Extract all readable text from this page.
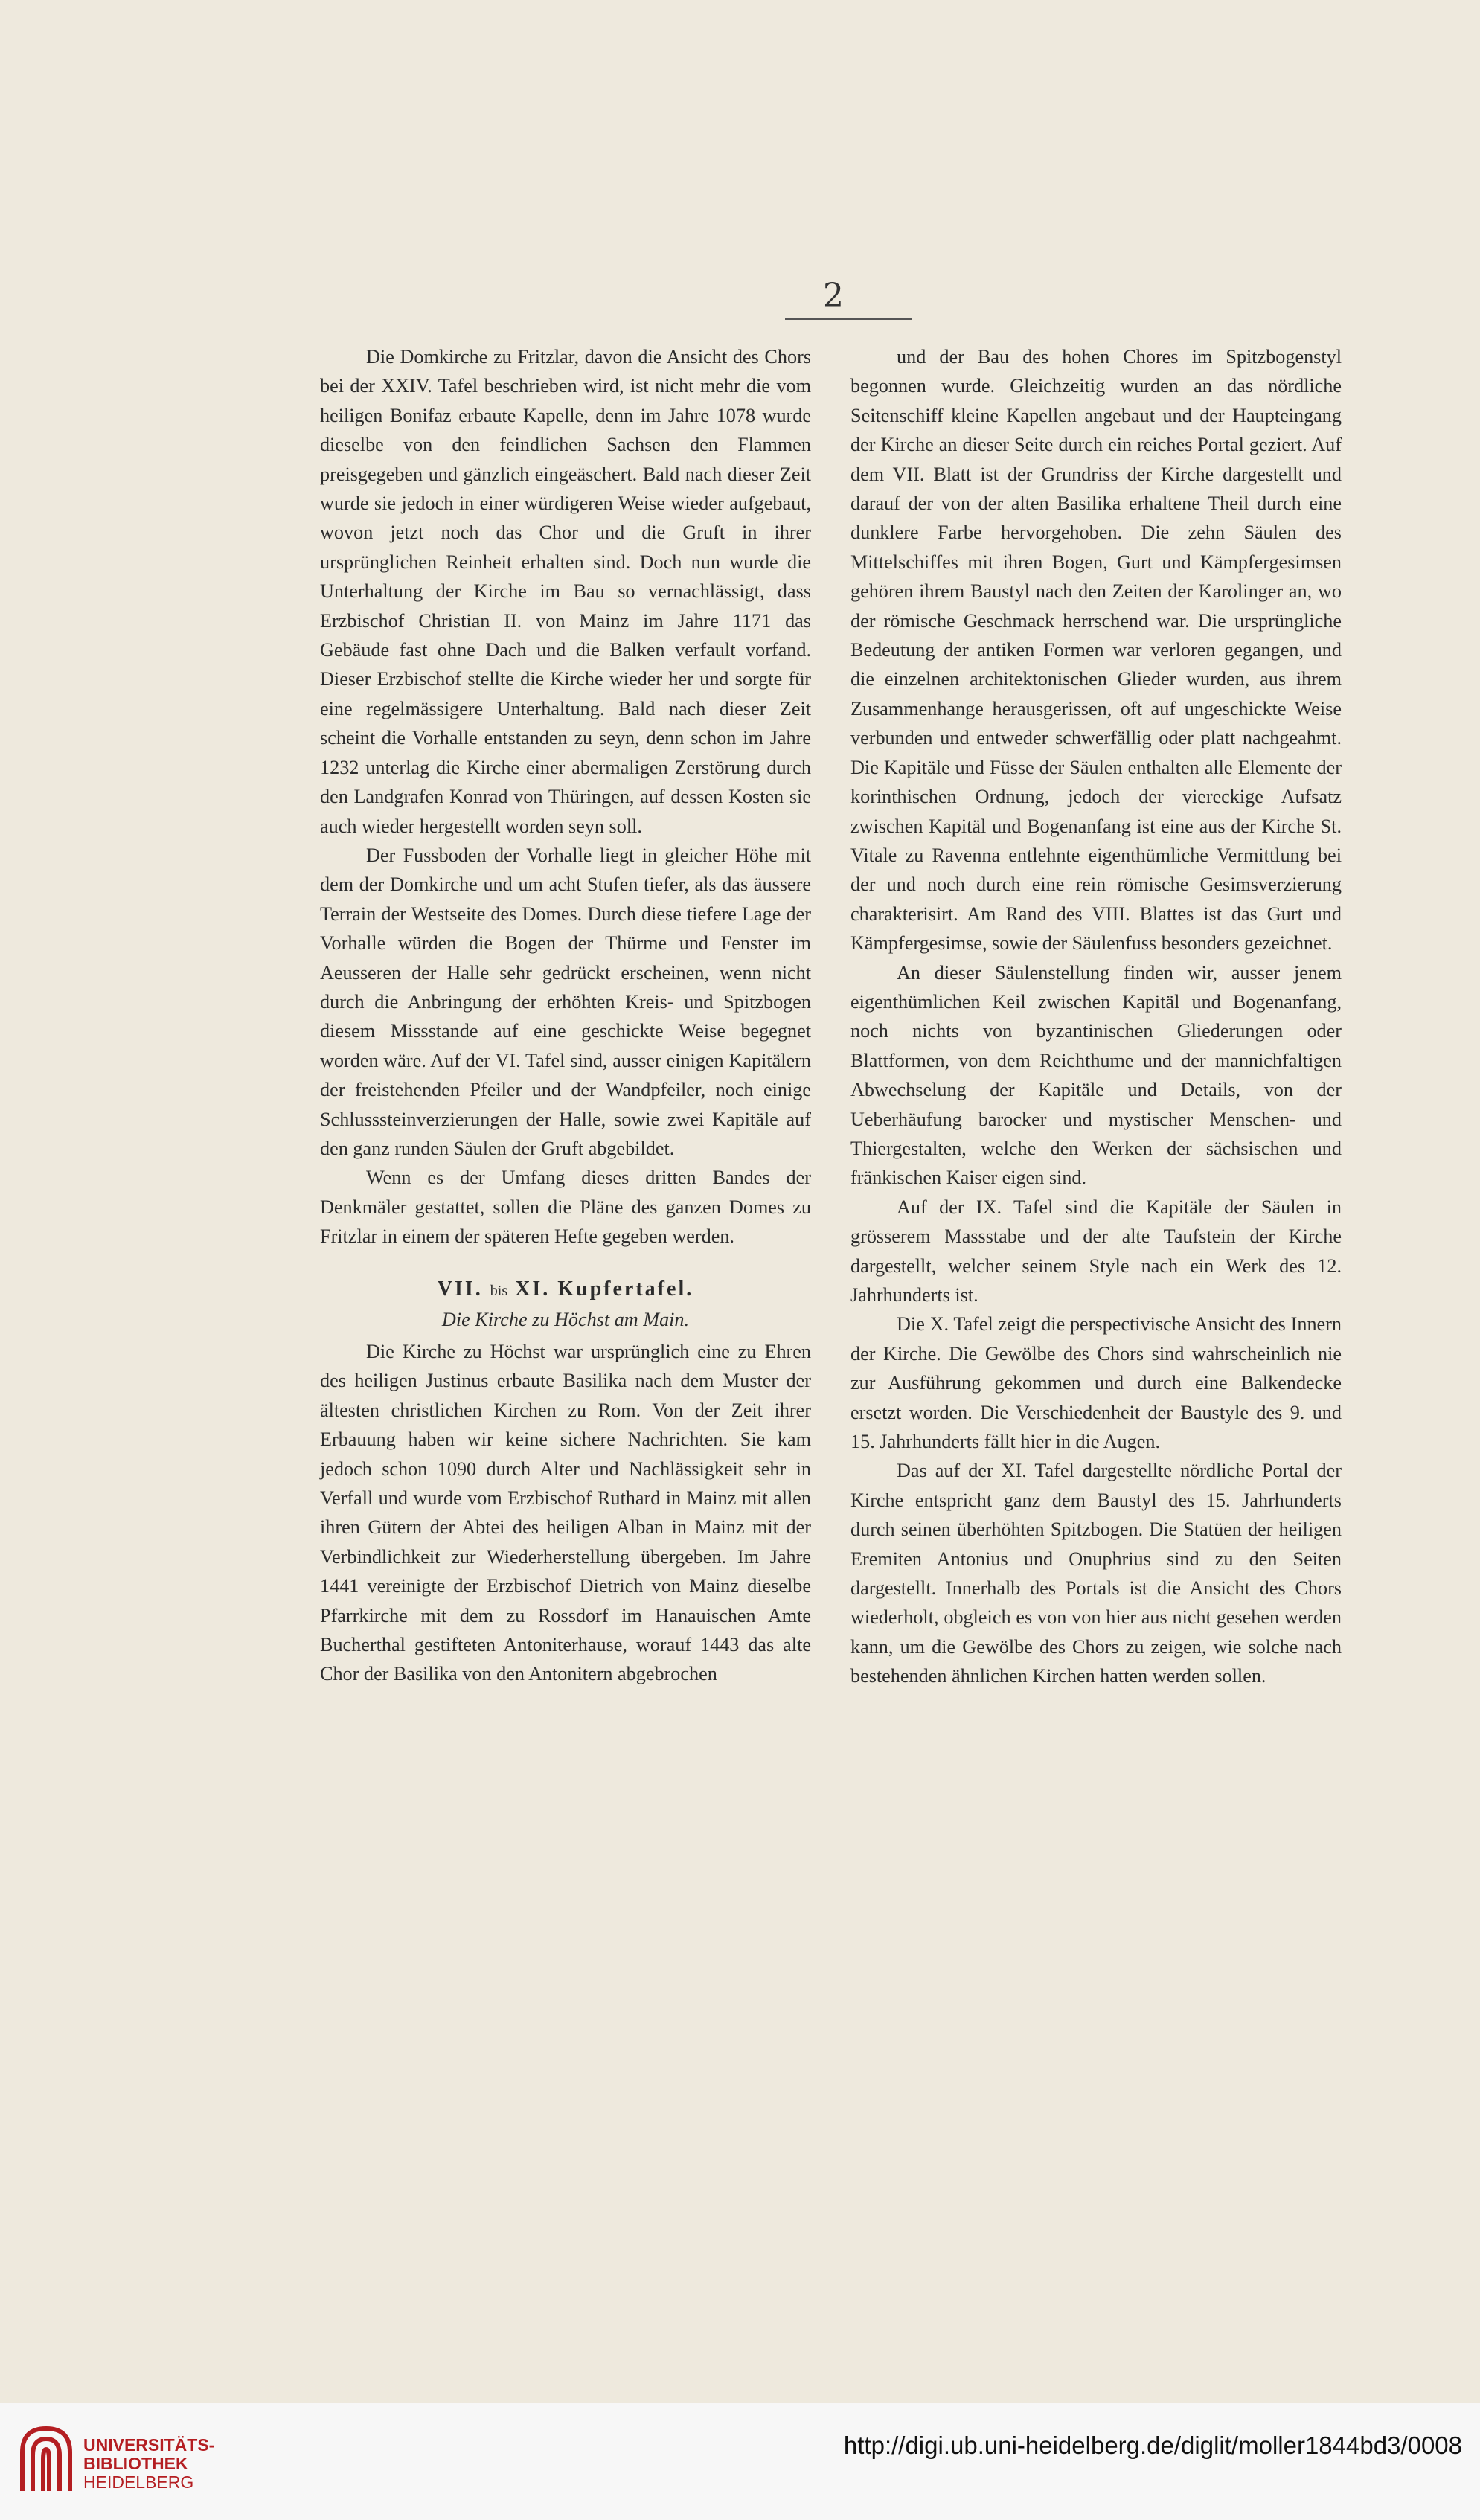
2

Die Domkirche zu Fritzlar, davon die Ansicht des Chors bei der XXIV. Tafel beschrieben wird, ist nicht mehr die vom heiligen Bonifaz erbaute Kapelle, denn im Jahre 1078 wurde dieselbe von den feindlichen Sachsen den Flammen preisgegeben und gänzlich eingeäschert. Bald nach dieser Zeit wurde sie jedoch in einer würdigeren Weise wieder aufgebaut, wovon jetzt noch das Chor und die Gruft in ihrer ursprünglichen Reinheit erhalten sind. Doch nun wurde die Unterhaltung der Kirche im Bau so vernachlässigt, dass Erzbischof Christian II. von Mainz im Jahre 1171 das Gebäude fast ohne Dach und die Balken verfault vorfand. Dieser Erzbischof stellte die Kirche wieder her und sorgte für eine regelmässigere Unterhaltung. Bald nach dieser Zeit scheint die Vorhalle entstanden zu seyn, denn schon im Jahre 1232 unterlag die Kirche einer abermaligen Zerstörung durch den Landgrafen Konrad von Thüringen, auf dessen Kosten sie auch wieder hergestellt worden seyn soll.

Der Fussboden der Vorhalle liegt in gleicher Höhe mit dem der Domkirche und um acht Stufen tiefer, als das äussere Terrain der Westseite des Domes. Durch diese tiefere Lage der Vorhalle würden die Bogen der Thürme und Fenster im Aeusseren der Halle sehr gedrückt erscheinen, wenn nicht durch die Anbringung der erhöhten Kreis- und Spitzbogen diesem Missstande auf eine geschickte Weise begegnet worden wäre. Auf der VI. Tafel sind, ausser einigen Kapitälern der freistehenden Pfeiler und der Wandpfeiler, noch einige Schlusssteinverzierungen der Halle, sowie zwei Kapitäle auf den ganz runden Säulen der Gruft abgebildet.

Wenn es der Umfang dieses dritten Bandes der Denkmäler gestattet, sollen die Pläne des ganzen Domes zu Fritzlar in einem der späteren Hefte gegeben werden.

VII. bis XI. Kupfertafel.
Die Kirche zu Höchst am Main.

Die Kirche zu Höchst war ursprünglich eine zu Ehren des heiligen Justinus erbaute Basilika nach dem Muster der ältesten christlichen Kirchen zu Rom. Von der Zeit ihrer Erbauung haben wir keine sichere Nachrichten. Sie kam jedoch schon 1090 durch Alter und Nachlässigkeit sehr in Verfall und wurde vom Erzbischof Ruthard in Mainz mit allen ihren Gütern der Abtei des heiligen Alban in Mainz mit der Verbindlichkeit zur Wiederherstellung übergeben. Im Jahre 1441 vereinigte der Erzbischof Dietrich von Mainz dieselbe Pfarrkirche mit dem zu Rossdorf im Hanauischen Amte Bucherthal gestifteten Antoniterhause, worauf 1443 das alte Chor der Basilika von den Antonitern abgebrochen

und der Bau des hohen Chores im Spitzbogenstyl begonnen wurde. Gleichzeitig wurden an das nördliche Seitenschiff kleine Kapellen angebaut und der Haupteingang der Kirche an dieser Seite durch ein reiches Portal geziert. Auf dem VII. Blatt ist der Grundriss der Kirche dargestellt und darauf der von der alten Basilika erhaltene Theil durch eine dunklere Farbe hervorgehoben. Die zehn Säulen des Mittelschiffes mit ihren Bogen, Gurt und Kämpfergesimsen gehören ihrem Baustyl nach den Zeiten der Karolinger an, wo der römische Geschmack herrschend war. Die ursprüngliche Bedeutung der antiken Formen war verloren gegangen, und die einzelnen architektonischen Glieder wurden, aus ihrem Zusammenhange herausgerissen, oft auf ungeschickte Weise verbunden und entweder schwerfällig oder platt nachgeahmt. Die Kapitäle und Füsse der Säulen enthalten alle Elemente der korinthischen Ordnung, jedoch der viereckige Aufsatz zwischen Kapitäl und Bogenanfang ist eine aus der Kirche St. Vitale zu Ravenna entlehnte eigenthümliche Vermittlung bei der und noch durch eine rein römische Gesimsverzierung charakterisirt. Am Rand des VIII. Blattes ist das Gurt und Kämpfergesimse, sowie der Säulenfuss besonders gezeichnet.

An dieser Säulenstellung finden wir, ausser jenem eigenthümlichen Keil zwischen Kapitäl und Bogenanfang, noch nichts von byzantinischen Gliederungen oder Blattformen, von dem Reichthume und der mannichfaltigen Abwechselung der Kapitäle und Details, von der Ueberhäufung barocker und mystischer Menschen- und Thiergestalten, welche den Werken der sächsischen und fränkischen Kaiser eigen sind.

Auf der IX. Tafel sind die Kapitäle der Säulen in grösserem Massstabe und der alte Taufstein der Kirche dargestellt, welcher seinem Style nach ein Werk des 12. Jahrhunderts ist.

Die X. Tafel zeigt die perspectivische Ansicht des Innern der Kirche. Die Gewölbe des Chors sind wahrscheinlich nie zur Ausführung gekommen und durch eine Balkendecke ersetzt worden. Die Verschiedenheit der Baustyle des 9. und 15. Jahrhunderts fällt hier in die Augen.

Das auf der XI. Tafel dargestellte nördliche Portal der Kirche entspricht ganz dem Baustyl des 15. Jahrhunderts durch seinen überhöhten Spitzbogen. Die Statüen der heiligen Eremiten Antonius und Onuphrius sind zu den Seiten dargestellt. Innerhalb des Portals ist die Ansicht des Chors wiederholt, obgleich es von von hier aus nicht gesehen werden kann, um die Gewölbe des Chors zu zeigen, wie solche nach bestehenden ähnlichen Kirchen hatten werden sollen.

UNIVERSITÄTS-
BIBLIOTHEK
HEIDELBERG
http://digi.ub.uni-heidelberg.de/diglit/moller1844bd3/0008
